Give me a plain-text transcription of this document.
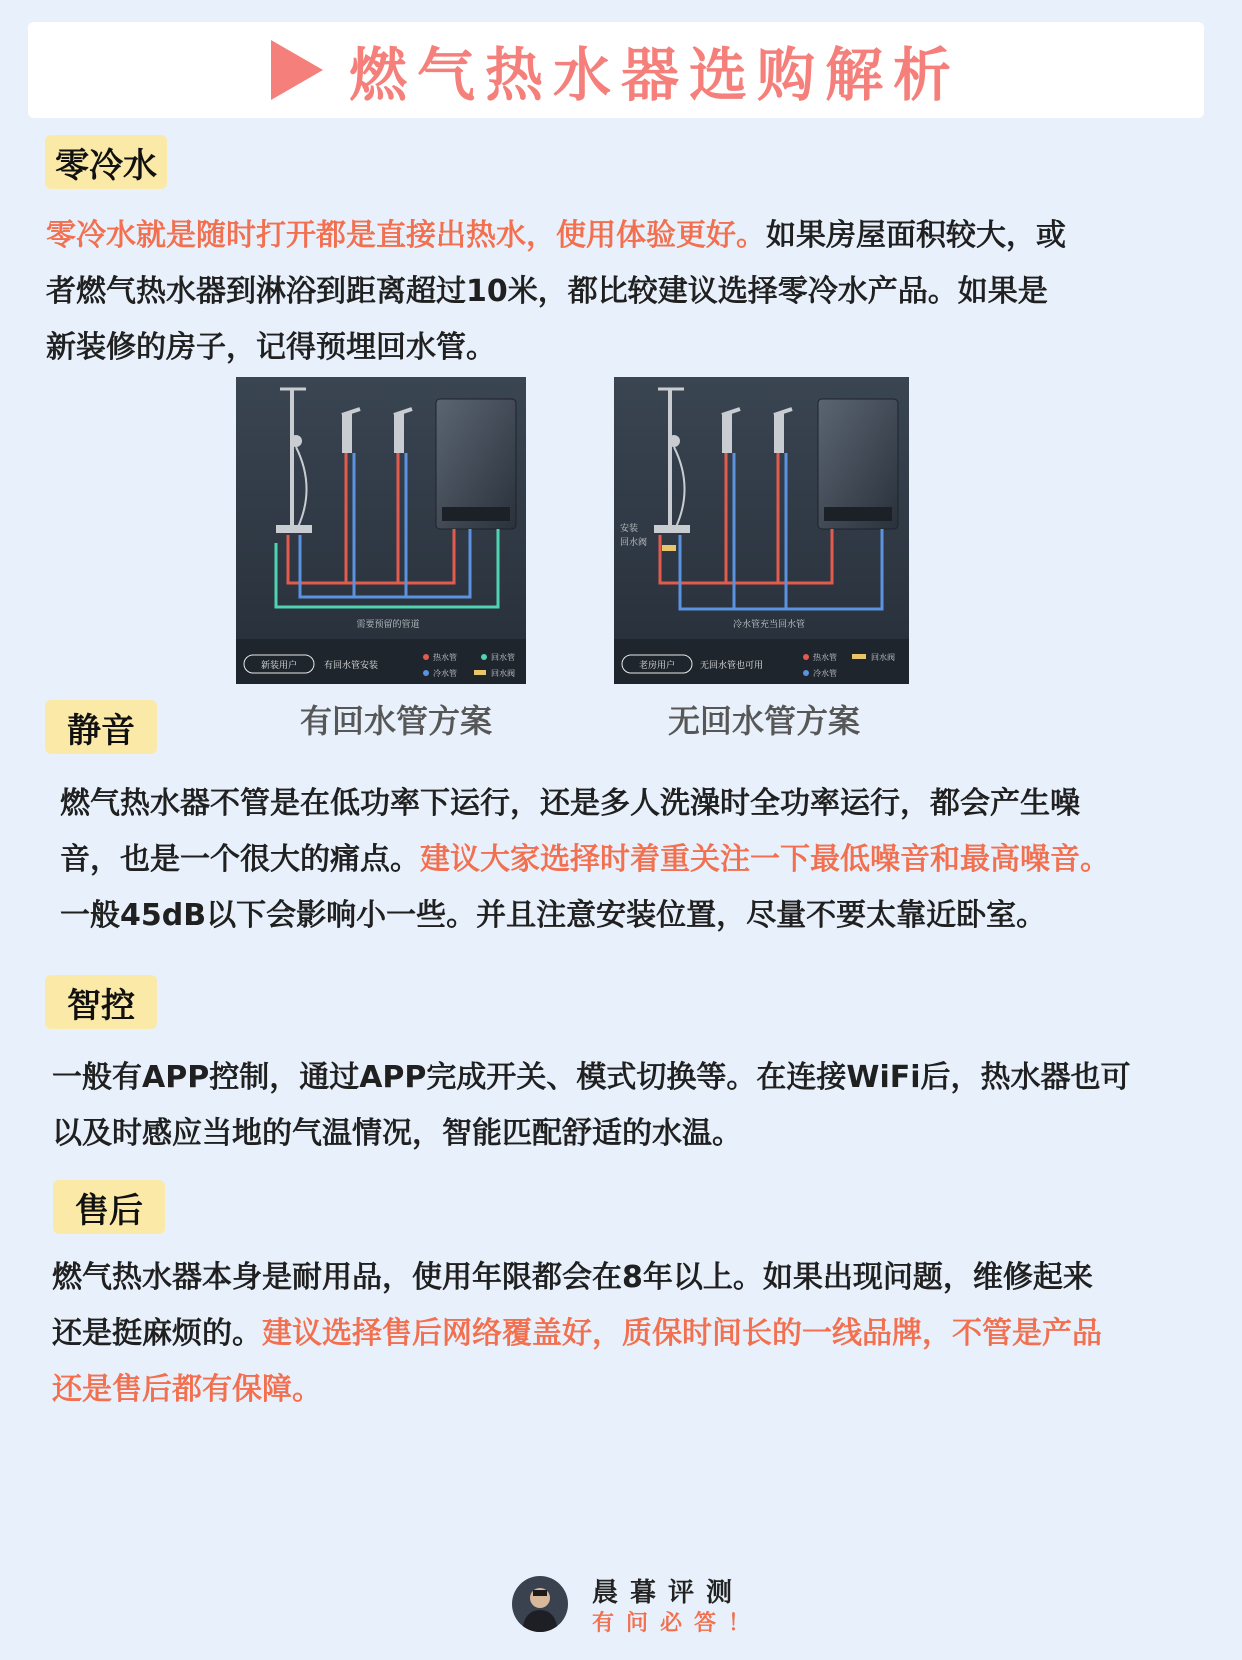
燃气热水器选购解析
零冷水
零冷水就是随时打开都是直接出热水，使用体验更好。如果房屋面积较大，或
者燃气热水器到淋浴到距离超过10米，都比较建议选择零冷水产品。如果是
新装修的房子，记得预埋回水管。
需要预留的管道
新装用户	有回水管安装
热水管	回水管
冷水管	回水阀
安装
回水阀
冷水管充当回水管
老房用户	无回水管也可用
热水管	回水阀
冷水管
有回水管方案	无回水管方案
静音
燃气热水器不管是在低功率下运行，还是多人洗澡时全功率运行，都会产生噪
音，也是一个很大的痛点。建议大家选择时着重关注一下最低噪音和最高噪音。
一般45dB以下会影响小一些。并且注意安装位置，尽量不要太靠近卧室。
智控
一般有APP控制，通过APP完成开关、模式切换等。在连接WiFi后，热水器也可
以及时感应当地的气温情况，智能匹配舒适的水温。
售后
燃气热水器本身是耐用品，使用年限都会在8年以上。如果出现问题，维修起来
还是挺麻烦的。建议选择售后网络覆盖好，质保时间长的一线品牌，不管是产品
还是售后都有保障。
晨暮评测
有问必答！
